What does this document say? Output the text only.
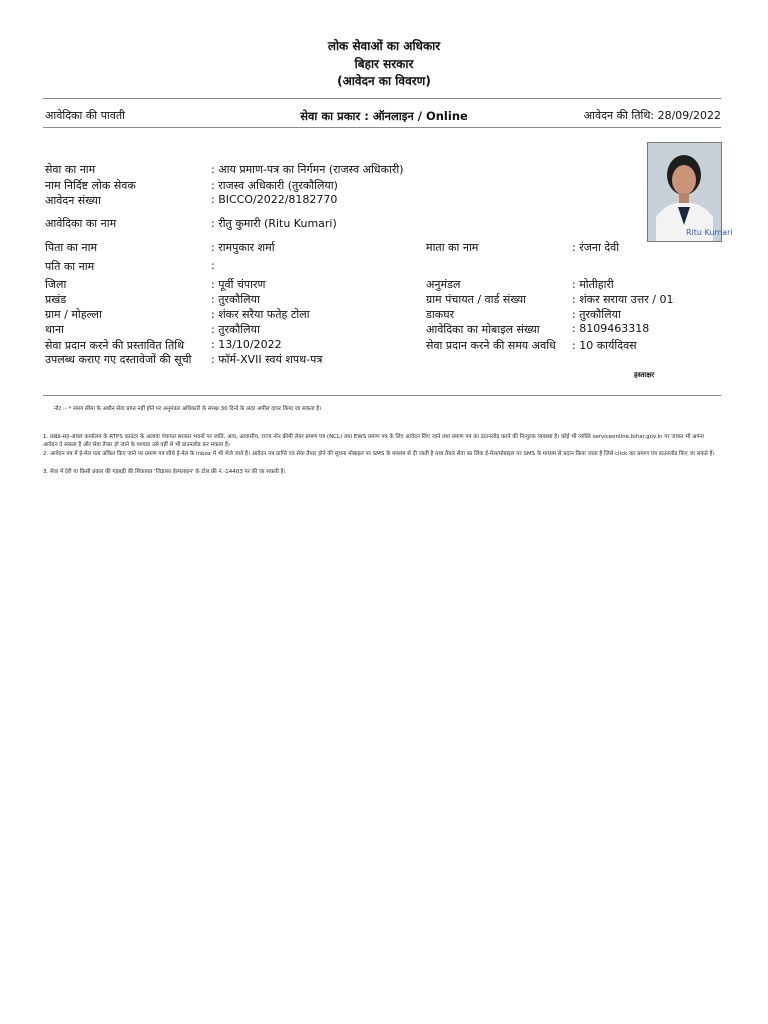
लोक सेवाओं का अधिकार
बिहार सरकार
(आवेदन का विवरण)
आवेदिका की पावती	सेवा का प्रकार : ऑनलाइन / Online	आवेदन की तिथि: 28/09/2022
Ritu Kumari
सेवा का नाम	: आय प्रमाण-पत्र का निर्गमन (राजस्व अधिकारी)
नाम निर्दिष्ट लोक सेवक	: राजस्व अधिकारी (तुरकौलिया)
आवेदन संख्या	: BICCO/2022/8182770
आवेदिका का नाम	: रीतु कुमारी (Ritu Kumari)
पिता का नाम	: रामपुकार शर्मा	माता का नाम	: रंजना देवी
पति का नाम	:
जिला	: पूर्वी चंपारण	अनुमंडल	: मोतीहारी
प्रखंड	: तुरकौलिया	ग्राम पंचायत / वार्ड संख्या	: शंकर सराया उत्तर / 01
ग्राम / मोहल्ला	: शंकर सरैया फतेह टोला	डाकघर	: तुरकौलिया
थाना	: तुरकौलिया	आवेदिका का मोबाइल संख्या	: 8109463318
सेवा प्रदान करने की प्रस्तावित तिथि : 13/10/2022	सेवा प्रदान करने की समय अवधि : 10 कार्यदिवस
उपलब्ध कराए गए दस्तावेजों की सूची : फॉर्म-XVII स्वयं शपथ-पत्र
हस्ताक्षर
नोट :- * समय सीमा के अधीन सेवा प्राप्त नहीं होने पर अनुमंडल अधिकारी के समक्ष 30 दिनों के अंदर अपील दायर किया जा सकता है।
1. प्रखंड-सह-अंचल कार्यालय के RTPS काउंटर के अलावा पंचायत सरकार भवनों पर जाति, आय, आवासीय, राज्य नॉन क्रीमी लेयर प्रमाण पत्र (NCL) तथा EWS प्रमाण पत्र के लिए आवेदन लिए जाने तथा प्रमाण पत्र का डाउनलोड करने की निःशुल्क व्यवस्था है। कोई भी व्यक्ति serviceonline.bihar.gov.in पर जाकर भी अपना आवेदन दे सकता है और सेवा तैयार हो जाने के पश्चात उसे वहीं से भी डाउनलोड कर सकता है।
2. आवेदन पत्र में ई-मेल पता अंकित किए जाने पर प्रमाण पत्र सीधे ई-मेल के Inbox में भी भेजे जाते हैं। आवेदन पत्र प्राप्ति एवं सेवा तैयार होने की सूचना मोबाइल पर SMS के माध्यम से दी जाती है तथा तैयार सेवा का लिंक ई-मेल/मोबाइल पर SMS के माध्यम से प्रदान किया जाता है जिसे click कर प्रमाण पत्र डाउनलोड किए जा सकते हैं।
3. सेवा में देरी या किसी प्रकार की गड़बड़ी की शिकायत 'जिज्ञासा हेल्पलाइन' के टोल फ्री नं.-14403 पर की जा सकती है।
